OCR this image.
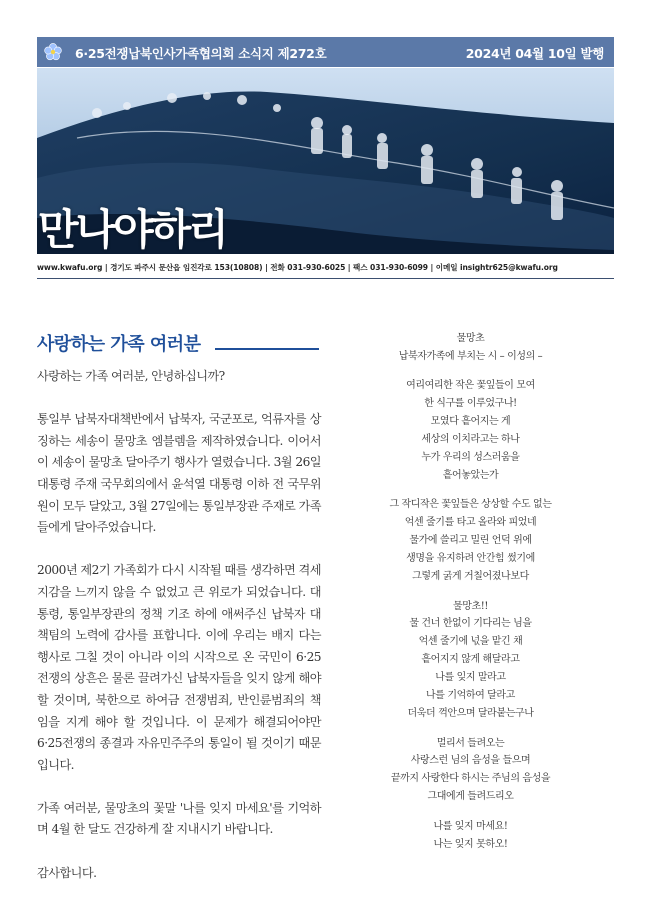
6·25전쟁납북인사가족협의회 소식지 제272호	2024년 04월 10일 발행
만나야하리
www.kwafu.org | 경기도 파주시 문산읍 임진각로 153(10808) | 전화 031-930-6025 | 팩스 031-930-6099 | 이메일 insightr625@kwafu.org
사랑하는 가족 여러분

사랑하는 가족 여러분, 안녕하십니까?

통일부 납북자대책반에서 납북자, 국군포로, 억류자를 상징하는 세송이 물망초 엠블렘을 제작하였습니다. 이어서 이 세송이 물망초 달아주기 행사가 열렸습니다. 3월 26일 대통령 주재 국무회의에서 윤석열 대통령 이하 전 국무위원이 모두 달았고, 3월 27일에는 통일부장관 주재로 가족들에게 달아주었습니다.

2000년 제2기 가족회가 다시 시작될 때를 생각하면 격세지감을 느끼지 않을 수 없었고 큰 위로가 되었습니다. 대통령, 통일부장관의 정책 기조 하에 애써주신 납북자 대책팀의 노력에 감사를 표합니다. 이에 우리는 배지 다는 행사로 그칠 것이 아니라 이의 시작으로 온 국민이 6·25전쟁의 상흔은 물론 끌려가신 납북자들을 잊지 않게 해야 할 것이며, 북한으로 하여금 전쟁범죄, 반인륜범죄의 책임을 지게 해야 할 것입니다. 이 문제가 해결되어야만 6·25전쟁의 종결과 자유민주주의 통일이 될 것이기 때문입니다.

가족 여러분, 물망초의 꽃말 '나를 잊지 마세요'를 기억하며 4월 한 달도 건강하게 잘 지내시기 바랍니다.

감사합니다.

물망초

납북자가족에 부치는 시 – 이성의 –

여리여리한 작은 꽃잎들이 모여

한 식구를 이루었구나!

모였다 흩어지는 게

세상의 이치라고는 하나

누가 우리의 성스러움을

흩어놓았는가

그 작디작은 꽃잎들은 상상할 수도 없는

억센 줄기를 타고 올라와 피었네

물가에 쓸리고 밀린 언덕 위에

생명을 유지하려 안간힘 썼기에

그렇게 굵게 거칠어졌나보다

물망초!!

물 건너 한없이 기다리는 님을

억센 줄기에 넋을 맡긴 채

흩어지지 않게 해달라고

나를 잊지 말라고

나를 기억하여 달라고

더욱더 꺽안으며 달라붙는구나

멀리서 들려오는

사랑스런 님의 음성을 들으며

끝까지 사랑한다 하시는 주님의 음성을

그대에게 들려드리오

나를 잊지 마세요!

나는 잊지 못하오!
